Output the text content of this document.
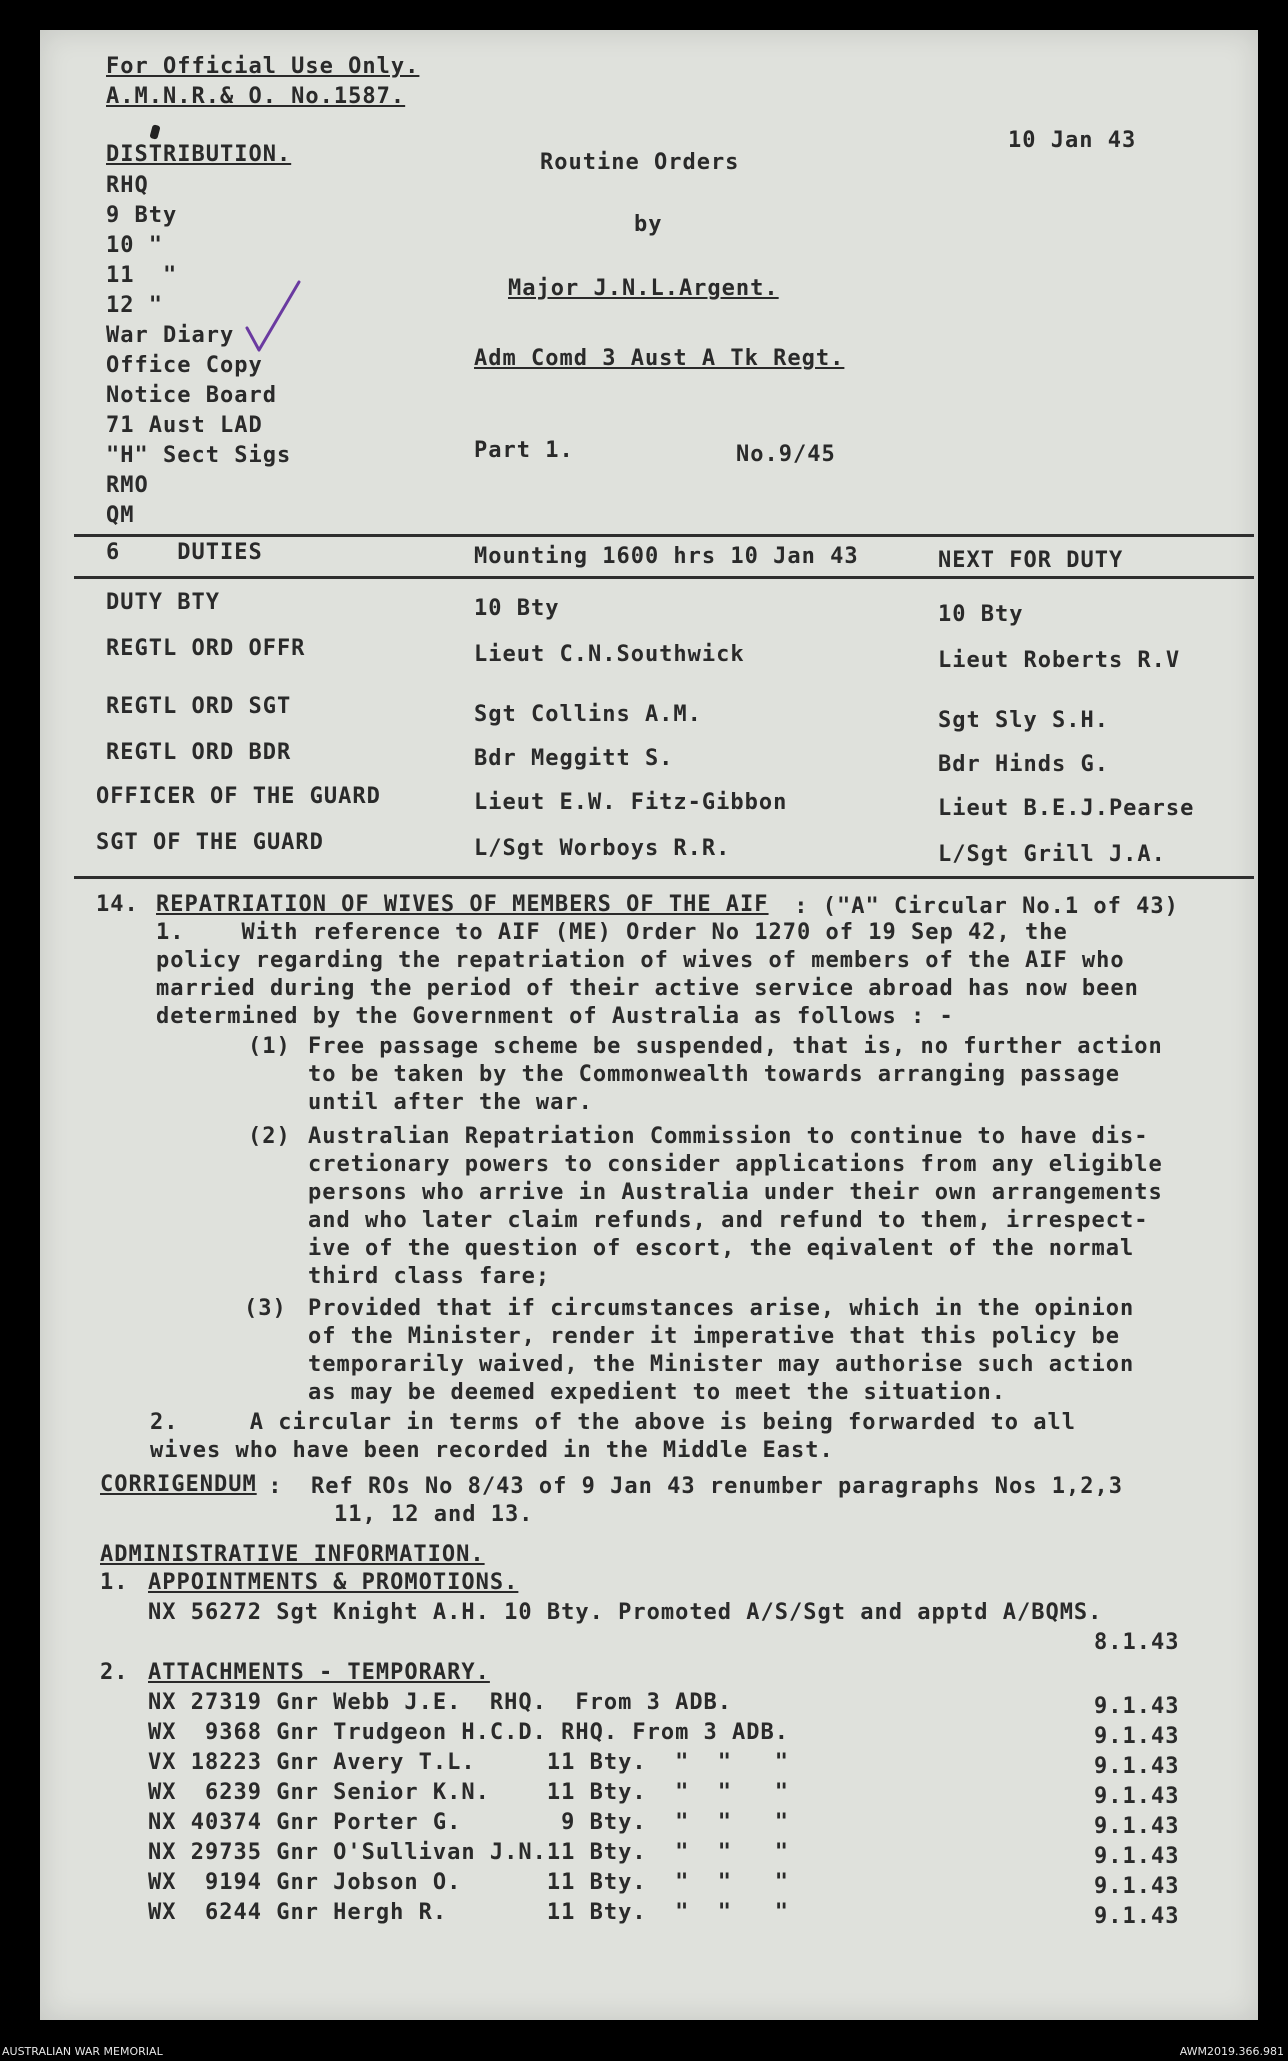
For Official Use Only.
A.M.N.R.& O. No.1587.
10 Jan 43
DISTRIBUTION.
RHQ
9 Bty
10 "
11  "
12 "
War Diary
Office Copy
Notice Board
71 Aust LAD
"H" Sect Sigs
RMO
QM
Routine Orders
by
Major J.N.L.Argent.
Adm Comd 3 Aust A Tk Regt.
Part 1.	No.9/45
6    DUTIES	Mounting 1600 hrs 10 Jan 43	NEXT FOR DUTY
DUTY BTY	10 Bty	10 Bty
REGTL ORD OFFR	Lieut C.N.Southwick	Lieut Roberts R.V
REGTL ORD SGT	Sgt Collins A.M.	Sgt Sly S.H.
REGTL ORD BDR	Bdr Meggitt S.	Bdr Hinds G.
OFFICER OF THE GUARD	Lieut E.W. Fitz-Gibbon	Lieut B.E.J.Pearse
SGT OF THE GUARD	L/Sgt Worboys R.R.	L/Sgt Grill J.A.
14. REPATRIATION OF WIVES OF MEMBERS OF THE AIF : ("A" Circular No.1 of 43)
1.    With reference to AIF (ME) Order No 1270 of 19 Sep 42, the
policy regarding the repatriation of wives of members of the AIF who
married during the period of their active service abroad has now been
determined by the Government of Australia as follows : -
(1) Free passage scheme be suspended, that is, no further action
to be taken by the Commonwealth towards arranging passage
until after the war.
(2) Australian Repatriation Commission to continue to have dis-
cretionary powers to consider applications from any eligible
persons who arrive in Australia under their own arrangements
and who later claim refunds, and refund to them, irrespect-
ive of the question of escort, the eqivalent of the normal
third class fare;
(3) Provided that if circumstances arise, which in the opinion
of the Minister, render it imperative that this policy be
temporarily waived, the Minister may authorise such action
as may be deemed expedient to meet the situation.
2.     A circular in terms of the above is being forwarded to all
wives who have been recorded in the Middle East.
CORRIGENDUM
:  Ref ROs No 8/43 of 9 Jan 43 renumber paragraphs Nos 1,2,3
11, 12 and 13.
ADMINISTRATIVE INFORMATION.
1. APPOINTMENTS & PROMOTIONS.
NX 56272 Sgt Knight A.H. 10 Bty. Promoted A/S/Sgt and apptd A/BQMS.
8.1.43
2. ATTACHMENTS - TEMPORARY.
NX 27319 Gnr Webb J.E.  RHQ.  From 3 ADB.	9.1.43
WX  9368 Gnr Trudgeon H.C.D. RHQ. From 3 ADB.	9.1.43
VX 18223 Gnr Avery T.L.     11 Bty.  "  "   "	9.1.43
WX  6239 Gnr Senior K.N.    11 Bty.  "  "   "	9.1.43
NX 40374 Gnr Porter G.       9 Bty.  "  "   "	9.1.43
NX 29735 Gnr O'Sullivan J.N.11 Bty.  "  "   "	9.1.43
WX  9194 Gnr Jobson O.      11 Bty.  "  "   "	9.1.43
WX  6244 Gnr Hergh R.       11 Bty.  "  "   "	9.1.43
AUSTRALIAN WAR MEMORIAL	AWM2019.366.981
